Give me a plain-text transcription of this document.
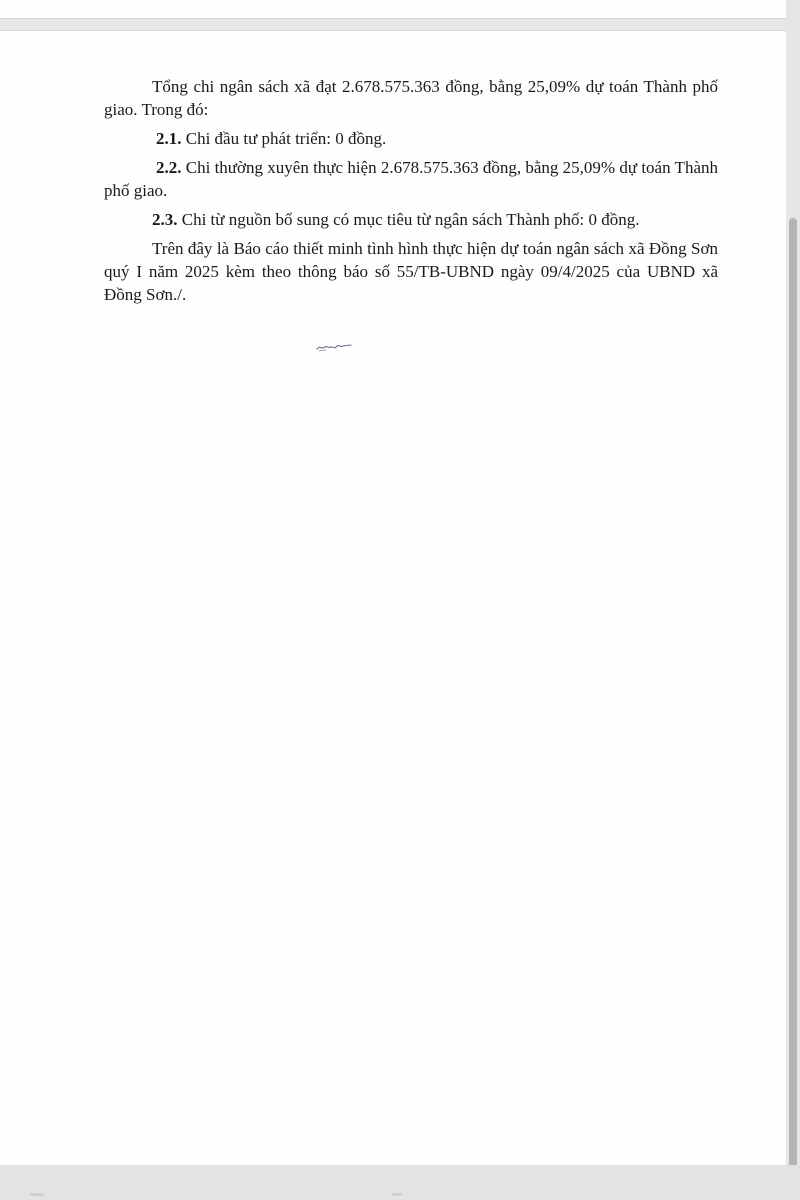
Tổng chi ngân sách xã đạt 2.678.575.363 đồng, bằng 25,09% dự toán Thành phố giao. Trong đó:

2.1. Chi đầu tư phát triển: 0 đồng.

2.2. Chi thường xuyên thực hiện 2.678.575.363 đồng, bằng 25,09% dự toán Thành phố giao.

2.3. Chi từ nguồn bổ sung có mục tiêu từ ngân sách Thành phố: 0 đồng.

Trên đây là Báo cáo thiết minh tình hình thực hiện dự toán ngân sách xã Đồng Sơn quý I năm 2025 kèm theo thông báo số 55/TB-UBND ngày 09/4/2025 của UBND xã Đồng Sơn./.
